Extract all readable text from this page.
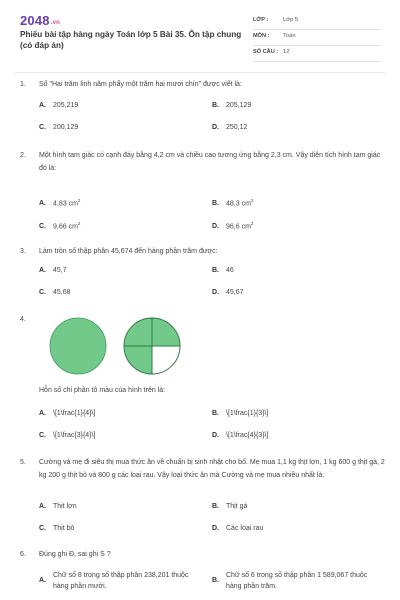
2048.vn
Phiếu bài tập hàng ngày Toán lớp 5 Bài 35. Ôn tập chung (có đáp án)
LỚP :	Lớp 5
MÔN : Toán
SỐ CÂU : 12
1. Số "Hai trăm linh năm phẩy một trăm hai mươi chín" được viết là:
A. 205,219	B. 205,129
C. 200,129	D. 250,12
2. Một hình tam giác có cạnh đáy bằng 4,2 cm và chiều cao tương ứng bằng 2,3 cm. Vậy diện tích hình tam giác đó là:
A. 4,83 $cm^2$	B. 48,3 $cm^2$
C. 9,66 $cm^2$	D. 96,6 $cm^2$
3. Làm tròn số thập phân 45,674 đến hàng phần trăm được:
A. 45,7	B. 46
C. 45,68	D. 45,67
4.
Hỗn số chỉ phần tô màu của hình trên là:
A. \[1\frac{1}{4}\]	B. \[1\frac{1}{3}\]
C. \[1\frac{3}{4}\]	D. \[1\frac{4}{3}\]
5. Cường và mẹ đi siêu thị mua thức ăn về chuẩn bị sinh nhật cho bố. Mẹ mua 1,1 kg thịt lợn, 1 kg 600 g thịt gà, 2 kg 200 g thịt bò và 800 g các loại rau. Vậy loại thức ăn mà Cường và mẹ mua nhiều nhất là:
A. Thịt lợn	B. Thịt gà
C. Thịt bò	D. Các loại rau
6. Đúng ghi Đ, sai ghi S ?
A.
Chữ số 8 trong số thập phân 238,201 thuộc hàng phần mười.
B.
Chữ số 6 trong số thập phân 1 589,067 thuộc hàng phần trăm.
